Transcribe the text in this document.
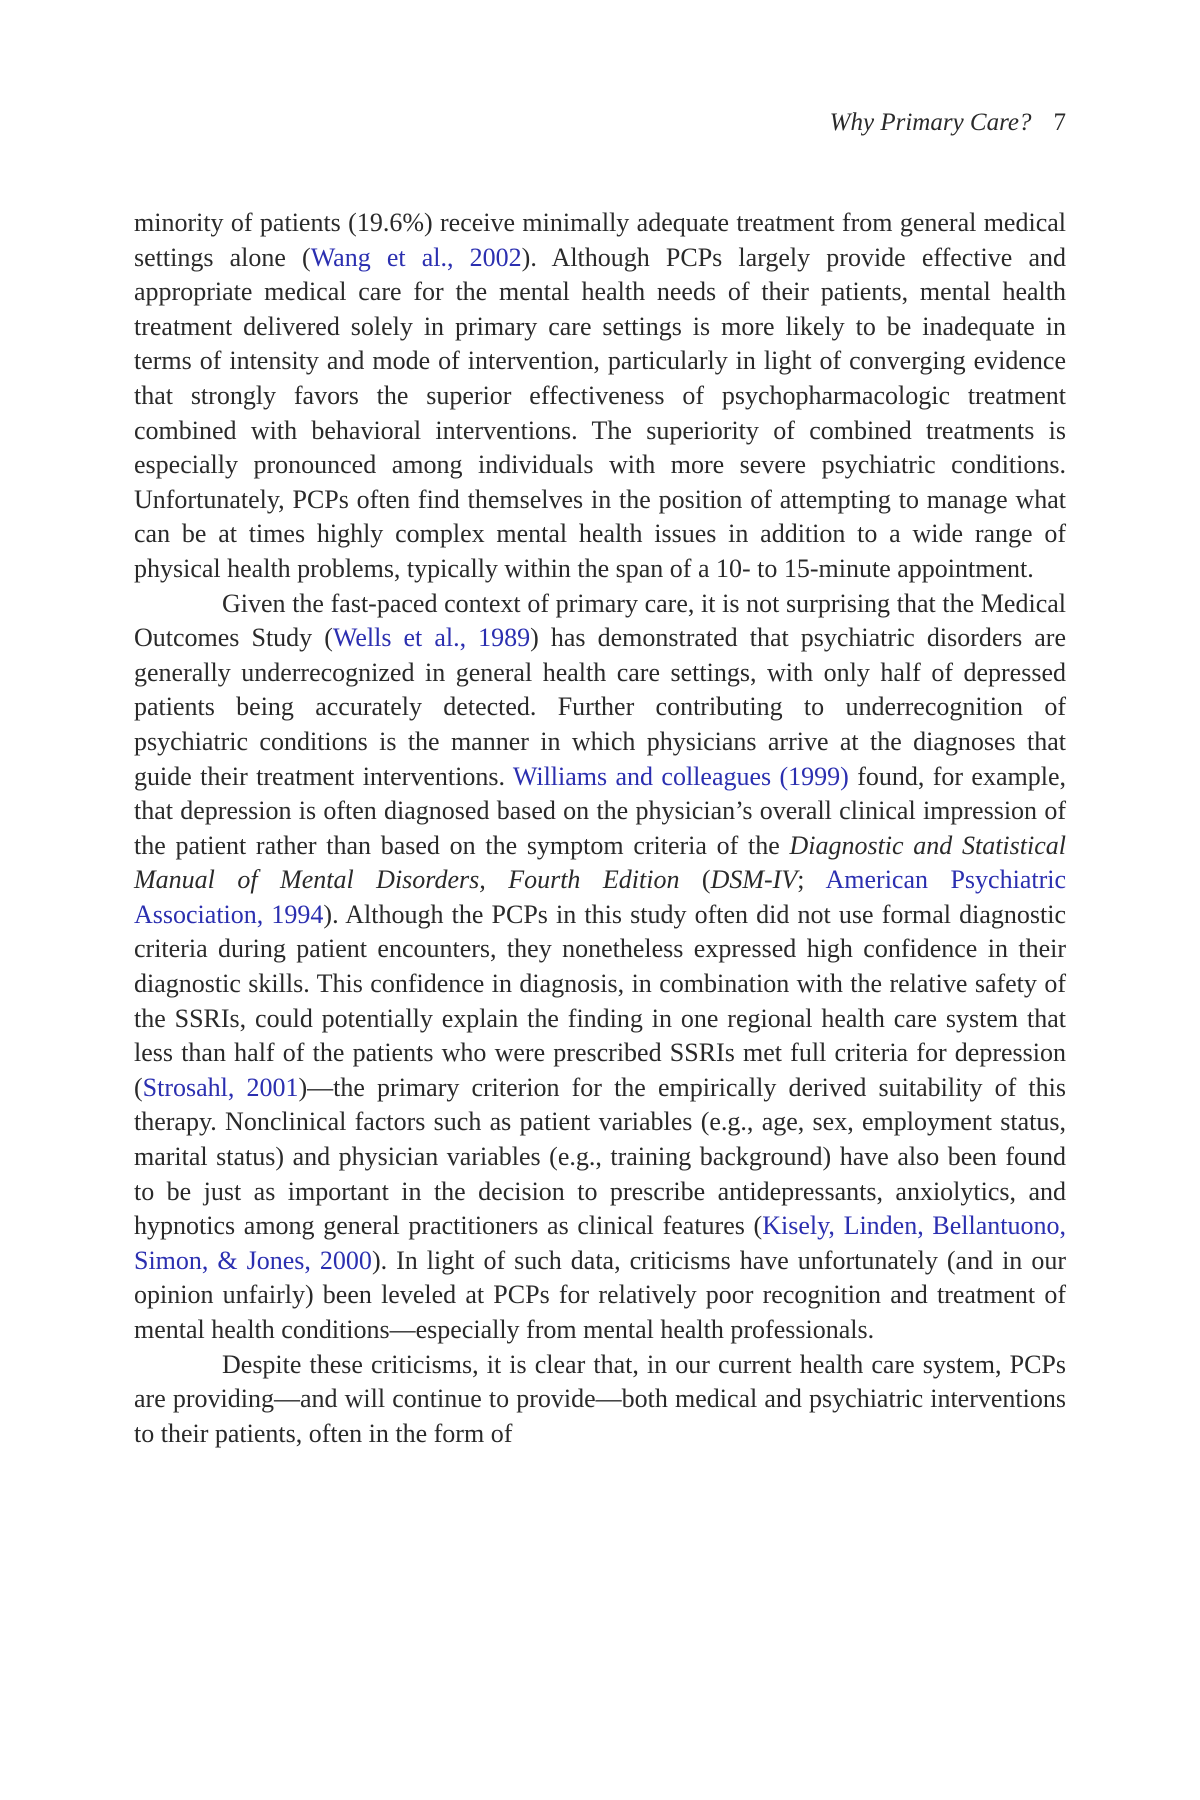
Why Primary Care? 7

minority of patients (19.6%) receive minimally adequate treatment from general medical settings alone (Wang et al., 2002). Although PCPs largely provide effective and appropriate medical care for the mental health needs of their patients, mental health treatment delivered solely in primary care settings is more likely to be inadequate in terms of intensity and mode of intervention, particularly in light of converging evidence that strongly favors the superior effectiveness of psychopharmacologic treatment combined with behavioral interventions. The superiority of combined treatments is especially pronounced among individuals with more severe psychiatric conditions. Unfortunately, PCPs often find themselves in the position of attempting to manage what can be at times highly complex mental health issues in addition to a wide range of physical health problems, typically within the span of a 10- to 15-minute appointment.

Given the fast-paced context of primary care, it is not surprising that the Medical Outcomes Study (Wells et al., 1989) has demonstrated that psychiatric disorders are generally underrecognized in general health care settings, with only half of depressed patients being accurately detected. Further contributing to underrecognition of psychiatric conditions is the manner in which physicians arrive at the diagnoses that guide their treatment interventions. Williams and colleagues (1999) found, for example, that depression is often diagnosed based on the physician’s overall clinical impression of the patient rather than based on the symptom criteria of the Diagnostic and Statistical Manual of Mental Disorders, Fourth Edition (DSM-IV; American Psychiatric Association, 1994). Although the PCPs in this study often did not use formal diagnostic criteria during patient encounters, they nonetheless expressed high confidence in their diagnostic skills. This confidence in diagnosis, in combination with the relative safety of the SSRIs, could potentially explain the finding in one regional health care system that less than half of the patients who were prescribed SSRIs met full criteria for depression (Strosahl, 2001)—the primary criterion for the empirically derived suitability of this therapy. Nonclinical factors such as patient variables (e.g., age, sex, employment status, marital status) and physician variables (e.g., training background) have also been found to be just as important in the decision to prescribe antidepressants, anxiolytics, and hypnotics among general practitioners as clinical features (Kisely, Linden, Bellantuono, Simon, & Jones, 2000). In light of such data, criticisms have unfortunately (and in our opinion unfairly) been leveled at PCPs for relatively poor recognition and treatment of mental health conditions—especially from mental health professionals.

Despite these criticisms, it is clear that, in our current health care system, PCPs are providing—and will continue to provide—both medical and psychiatric interventions to their patients, often in the form of
